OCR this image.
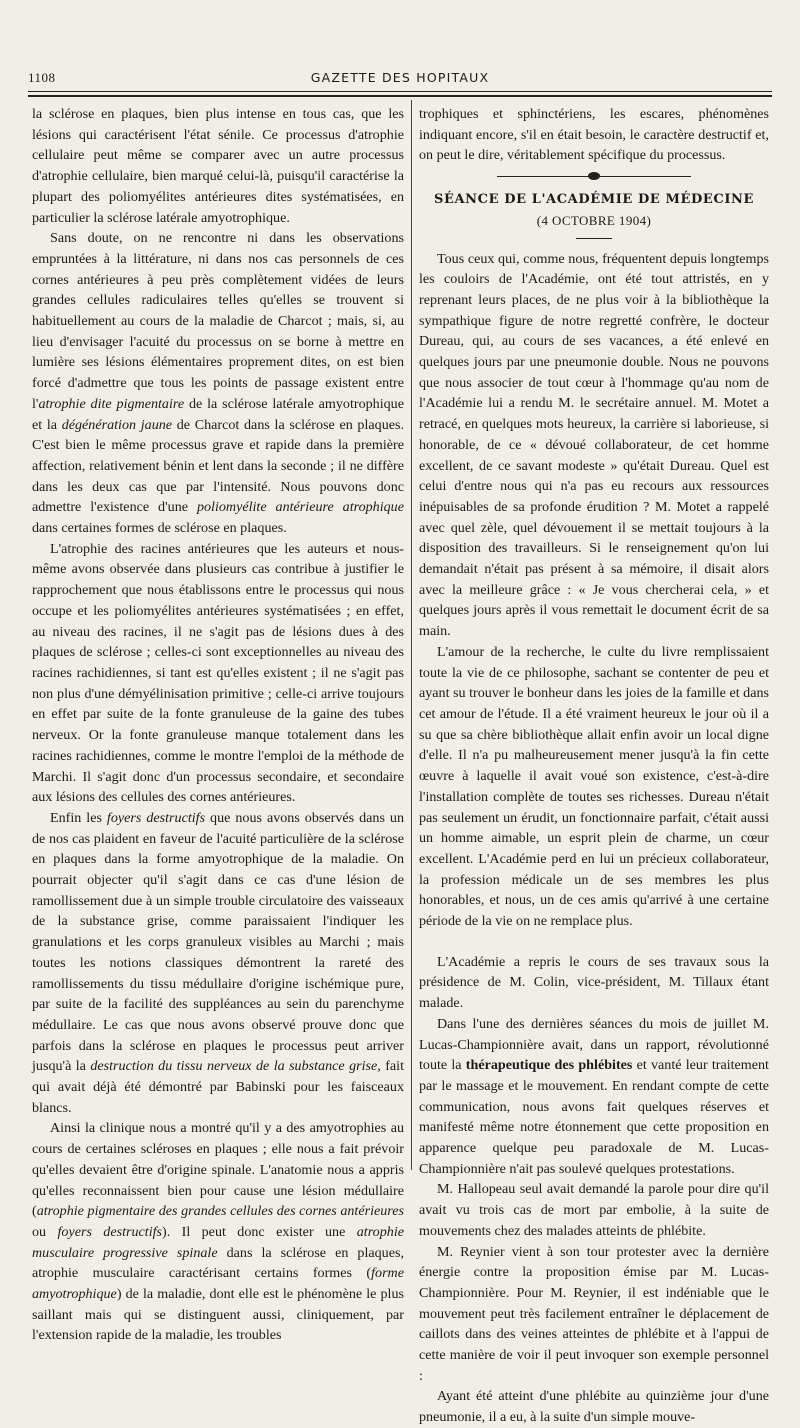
1108	GAZETTE DES HOPITAUX

la sclérose en plaques, bien plus intense en tous cas, que les lésions qui caractérisent l'état sénile. Ce processus d'atrophie cellulaire peut même se comparer avec un autre processus d'atrophie cellulaire, bien marqué celui-là, puisqu'il caractérise la plupart des poliomyélites antérieures dites systématisées, en particulier la sclérose latérale amyotrophique.

Sans doute, on ne rencontre ni dans les observations empruntées à la littérature, ni dans nos cas personnels de ces cornes antérieures à peu près complètement vidées de leurs grandes cellules radiculaires telles qu'elles se trouvent si habituellement au cours de la maladie de Charcot ; mais, si, au lieu d'envisager l'acuité du processus on se borne à mettre en lumière ses lésions élémentaires proprement dites, on est bien forcé d'admettre que tous les points de passage existent entre l'atrophie dite pigmentaire de la sclérose latérale amyotrophique et la dégénération jaune de Charcot dans la sclérose en plaques. C'est bien le même processus grave et rapide dans la première affection, relativement bénin et lent dans la seconde ; il ne diffère dans les deux cas que par l'intensité. Nous pouvons donc admettre l'existence d'une poliomyélite antérieure atrophique dans certaines formes de sclérose en plaques.

L'atrophie des racines antérieures que les auteurs et nous-même avons observée dans plusieurs cas contribue à justifier le rapprochement que nous établissons entre le processus qui nous occupe et les poliomyélites antérieures systématisées ; en effet, au niveau des racines, il ne s'agit pas de lésions dues à des plaques de sclérose ; celles-ci sont exceptionnelles au niveau des racines rachidiennes, si tant est qu'elles existent ; il ne s'agit pas non plus d'une démyélinisation primitive ; celle-ci arrive toujours en effet par suite de la fonte granuleuse de la gaine des tubes nerveux. Or la fonte granuleuse manque totalement dans les racines rachidiennes, comme le montre l'emploi de la méthode de Marchi. Il s'agit donc d'un processus secondaire, et secondaire aux lésions des cellules des cornes antérieures.

Enfin les foyers destructifs que nous avons observés dans un de nos cas plaident en faveur de l'acuité particulière de la sclérose en plaques dans la forme amyotrophique de la maladie. On pourrait objecter qu'il s'agit dans ce cas d'une lésion de ramollissement due à un simple trouble circulatoire des vaisseaux de la substance grise, comme paraissaient l'indiquer les granulations et les corps granuleux visibles au Marchi ; mais toutes les notions classiques démontrent la rareté des ramollissements du tissu médullaire d'origine ischémique pure, par suite de la facilité des suppléances au sein du parenchyme médullaire. Le cas que nous avons observé prouve donc que parfois dans la sclérose en plaques le processus peut arriver jusqu'à la destruction du tissu nerveux de la substance grise, fait qui avait déjà été démontré par Babinski pour les faisceaux blancs.

Ainsi la clinique nous a montré qu'il y a des amyotrophies au cours de certaines scléroses en plaques ; elle nous a fait prévoir qu'elles devaient être d'origine spinale. L'anatomie nous a appris qu'elles reconnaissent bien pour cause une lésion médullaire (atrophie pigmentaire des grandes cellules des cornes antérieures ou foyers destructifs). Il peut donc exister une atrophie musculaire progressive spinale dans la sclérose en plaques, atrophie musculaire caractérisant certains formes (forme amyotrophique) de la maladie, dont elle est le phénomène le plus saillant mais qui se distinguent aussi, cliniquement, par l'extension rapide de la maladie, les troubles

trophiques et sphinctériens, les escares, phénomènes indiquant encore, s'il en était besoin, le caractère destructif et, on peut le dire, véritablement spécifique du processus.

SÉANCE DE L'ACADÉMIE DE MÉDECINE
(4 OCTOBRE 1904)

Tous ceux qui, comme nous, fréquentent depuis longtemps les couloirs de l'Académie, ont été tout attristés, en y reprenant leurs places, de ne plus voir à la bibliothèque la sympathique figure de notre regretté confrère, le docteur Dureau, qui, au cours de ses vacances, a été enlevé en quelques jours par une pneumonie double. Nous ne pouvons que nous associer de tout cœur à l'hommage qu'au nom de l'Académie lui a rendu M. le secrétaire annuel. M. Motet a retracé, en quelques mots heureux, la carrière si laborieuse, si honorable, de ce « dévoué collaborateur, de cet homme excellent, de ce savant modeste » qu'était Dureau. Quel est celui d'entre nous qui n'a pas eu recours aux ressources inépuisables de sa profonde érudition ? M. Motet a rappelé avec quel zèle, quel dévouement il se mettait toujours à la disposition des travailleurs. Si le renseignement qu'on lui demandait n'était pas présent à sa mémoire, il disait alors avec la meilleure grâce : « Je vous chercherai cela, » et quelques jours après il vous remettait le document écrit de sa main.

L'amour de la recherche, le culte du livre remplissaient toute la vie de ce philosophe, sachant se contenter de peu et ayant su trouver le bonheur dans les joies de la famille et dans cet amour de l'étude. Il a été vraiment heureux le jour où il a su que sa chère bibliothèque allait enfin avoir un local digne d'elle. Il n'a pu malheureusement mener jusqu'à la fin cette œuvre à laquelle il avait voué son existence, c'est-à-dire l'installation complète de toutes ses richesses. Dureau n'était pas seulement un érudit, un fonctionnaire parfait, c'était aussi un homme aimable, un esprit plein de charme, un cœur excellent. L'Académie perd en lui un précieux collaborateur, la profession médicale un de ses membres les plus honorables, et nous, un de ces amis qu'arrivé à une certaine période de la vie on ne remplace plus.

L'Académie a repris le cours de ses travaux sous la présidence de M. Colin, vice-président, M. Tillaux étant malade.

Dans l'une des dernières séances du mois de juillet M. Lucas-Championnière avait, dans un rapport, révolutionné toute la thérapeutique des phlébites et vanté leur traitement par le massage et le mouvement. En rendant compte de cette communication, nous avons fait quelques réserves et manifesté même notre étonnement que cette proposition en apparence quelque peu paradoxale de M. Lucas-Championnière n'ait pas soulevé quelques protestations.

M. Hallopeau seul avait demandé la parole pour dire qu'il avait vu trois cas de mort par embolie, à la suite de mouvements chez des malades atteints de phlébite.

M. Reynier vient à son tour protester avec la dernière énergie contre la proposition émise par M. Lucas-Championnière. Pour M. Reynier, il est indéniable que le mouvement peut très facilement entraîner le déplacement de caillots dans des veines atteintes de phlébite et à l'appui de cette manière de voir il peut invoquer son exemple personnel :

Ayant été atteint d'une phlébite au quinzième jour d'une pneumonie, il a eu, à la suite d'un simple mouve-
